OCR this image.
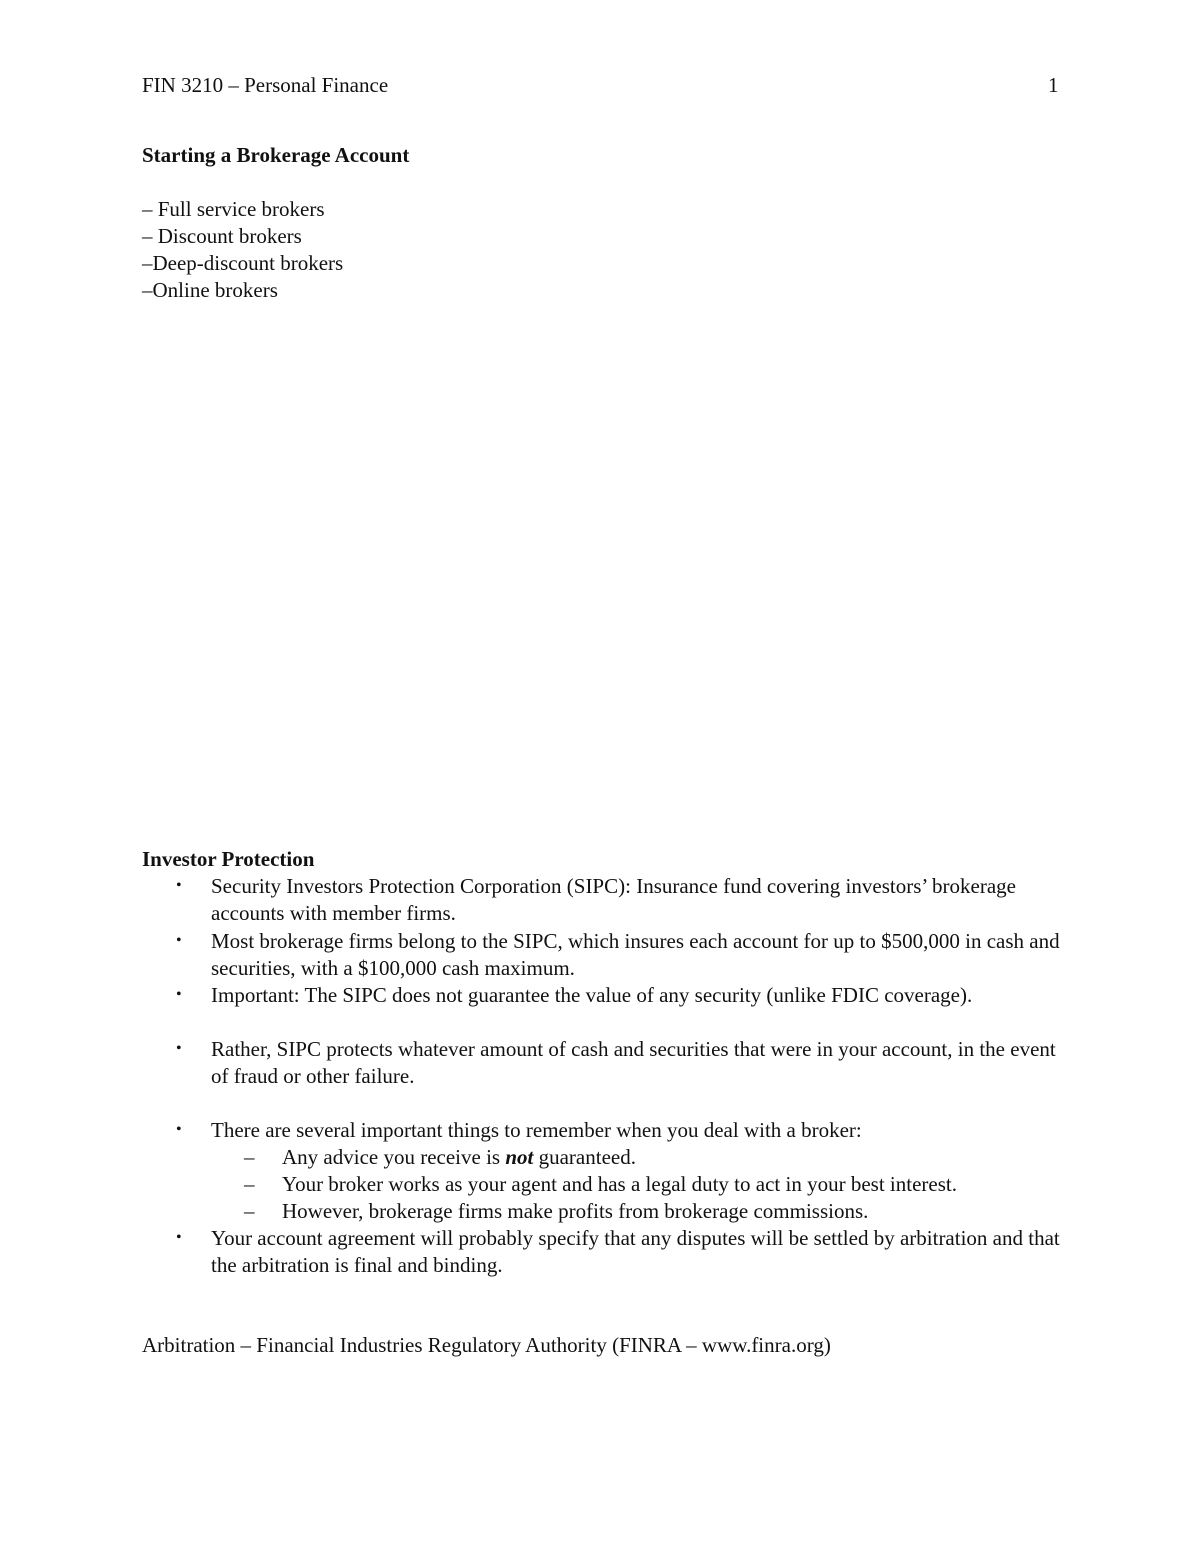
FIN 3210 – Personal Finance	1
Starting a Brokerage Account
– Full service brokers
– Discount brokers
–Deep-discount brokers
–Online brokers
Investor Protection
• Security Investors Protection Corporation (SIPC): Insurance fund covering investors’ brokerage accounts with member firms.
• Most brokerage firms belong to the SIPC, which insures each account for up to $500,000 in cash and securities, with a $100,000 cash maximum.
• Important: The SIPC does not guarantee the value of any security (unlike FDIC coverage).
• Rather, SIPC protects whatever amount of cash and securities that were in your account, in the event of fraud or other failure.
• There are several important things to remember when you deal with a broker:
– Any advice you receive is not guaranteed.
– Your broker works as your agent and has a legal duty to act in your best interest.
– However, brokerage firms make profits from brokerage commissions.
• Your account agreement will probably specify that any disputes will be settled by arbitration and that the arbitration is final and binding.
Arbitration – Financial Industries Regulatory Authority (FINRA – www.finra.org)
